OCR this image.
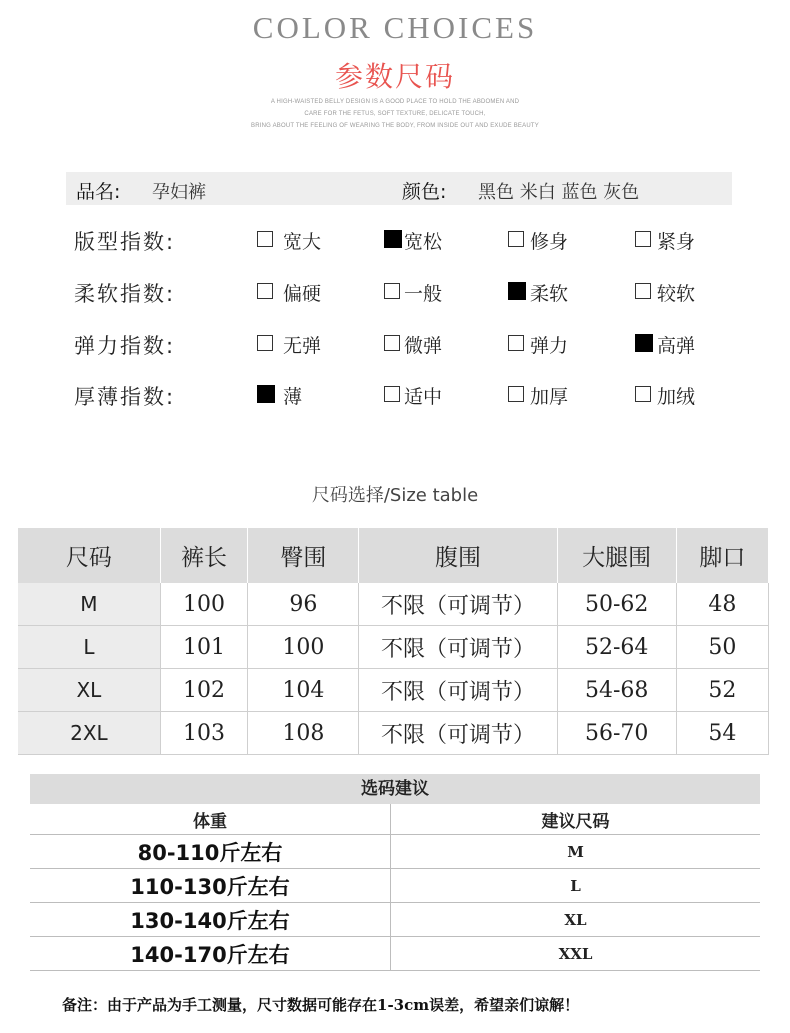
COLOR CHOICES
参数尺码
A HIGH-WAISTED BELLY DESIGN IS A GOOD PLACE TO HOLD THE ABDOMEN AND
CARE FOR THE FETUS, SOFT TEXTURE, DELICATE TOUCH,
BRING ABOUT THE FEELING OF WEARING THE BODY, FROM INSIDE OUT AND EXUDE BEAUTY
品名: 孕妇裤	颜色: 黑色 米白 蓝色 灰色
版型指数:	宽大	宽松	修身	紧身
柔软指数:	偏硬	一般	柔软	较软
弹力指数:	无弹	微弹	弹力	高弹
厚薄指数:	薄	适中	加厚	加绒
尺码选择/Size table
尺码	裤长	臀围	腹围	大腿围	脚口
M	100	96	不限（可调节）	50-62	48
L	101	100	不限（可调节）	52-64	50
XL	102	104	不限（可调节）	54-68	52
2XL	103	108	不限（可调节）	56-70	54
选码建议
体重	建议尺码
80-110斤左右	M
110-130斤左右	L
130-140斤左右	XL
140-170斤左右	XXL
备注：由于产品为手工测量，尺寸数据可能存在1-3cm误差，希望亲们谅解！
